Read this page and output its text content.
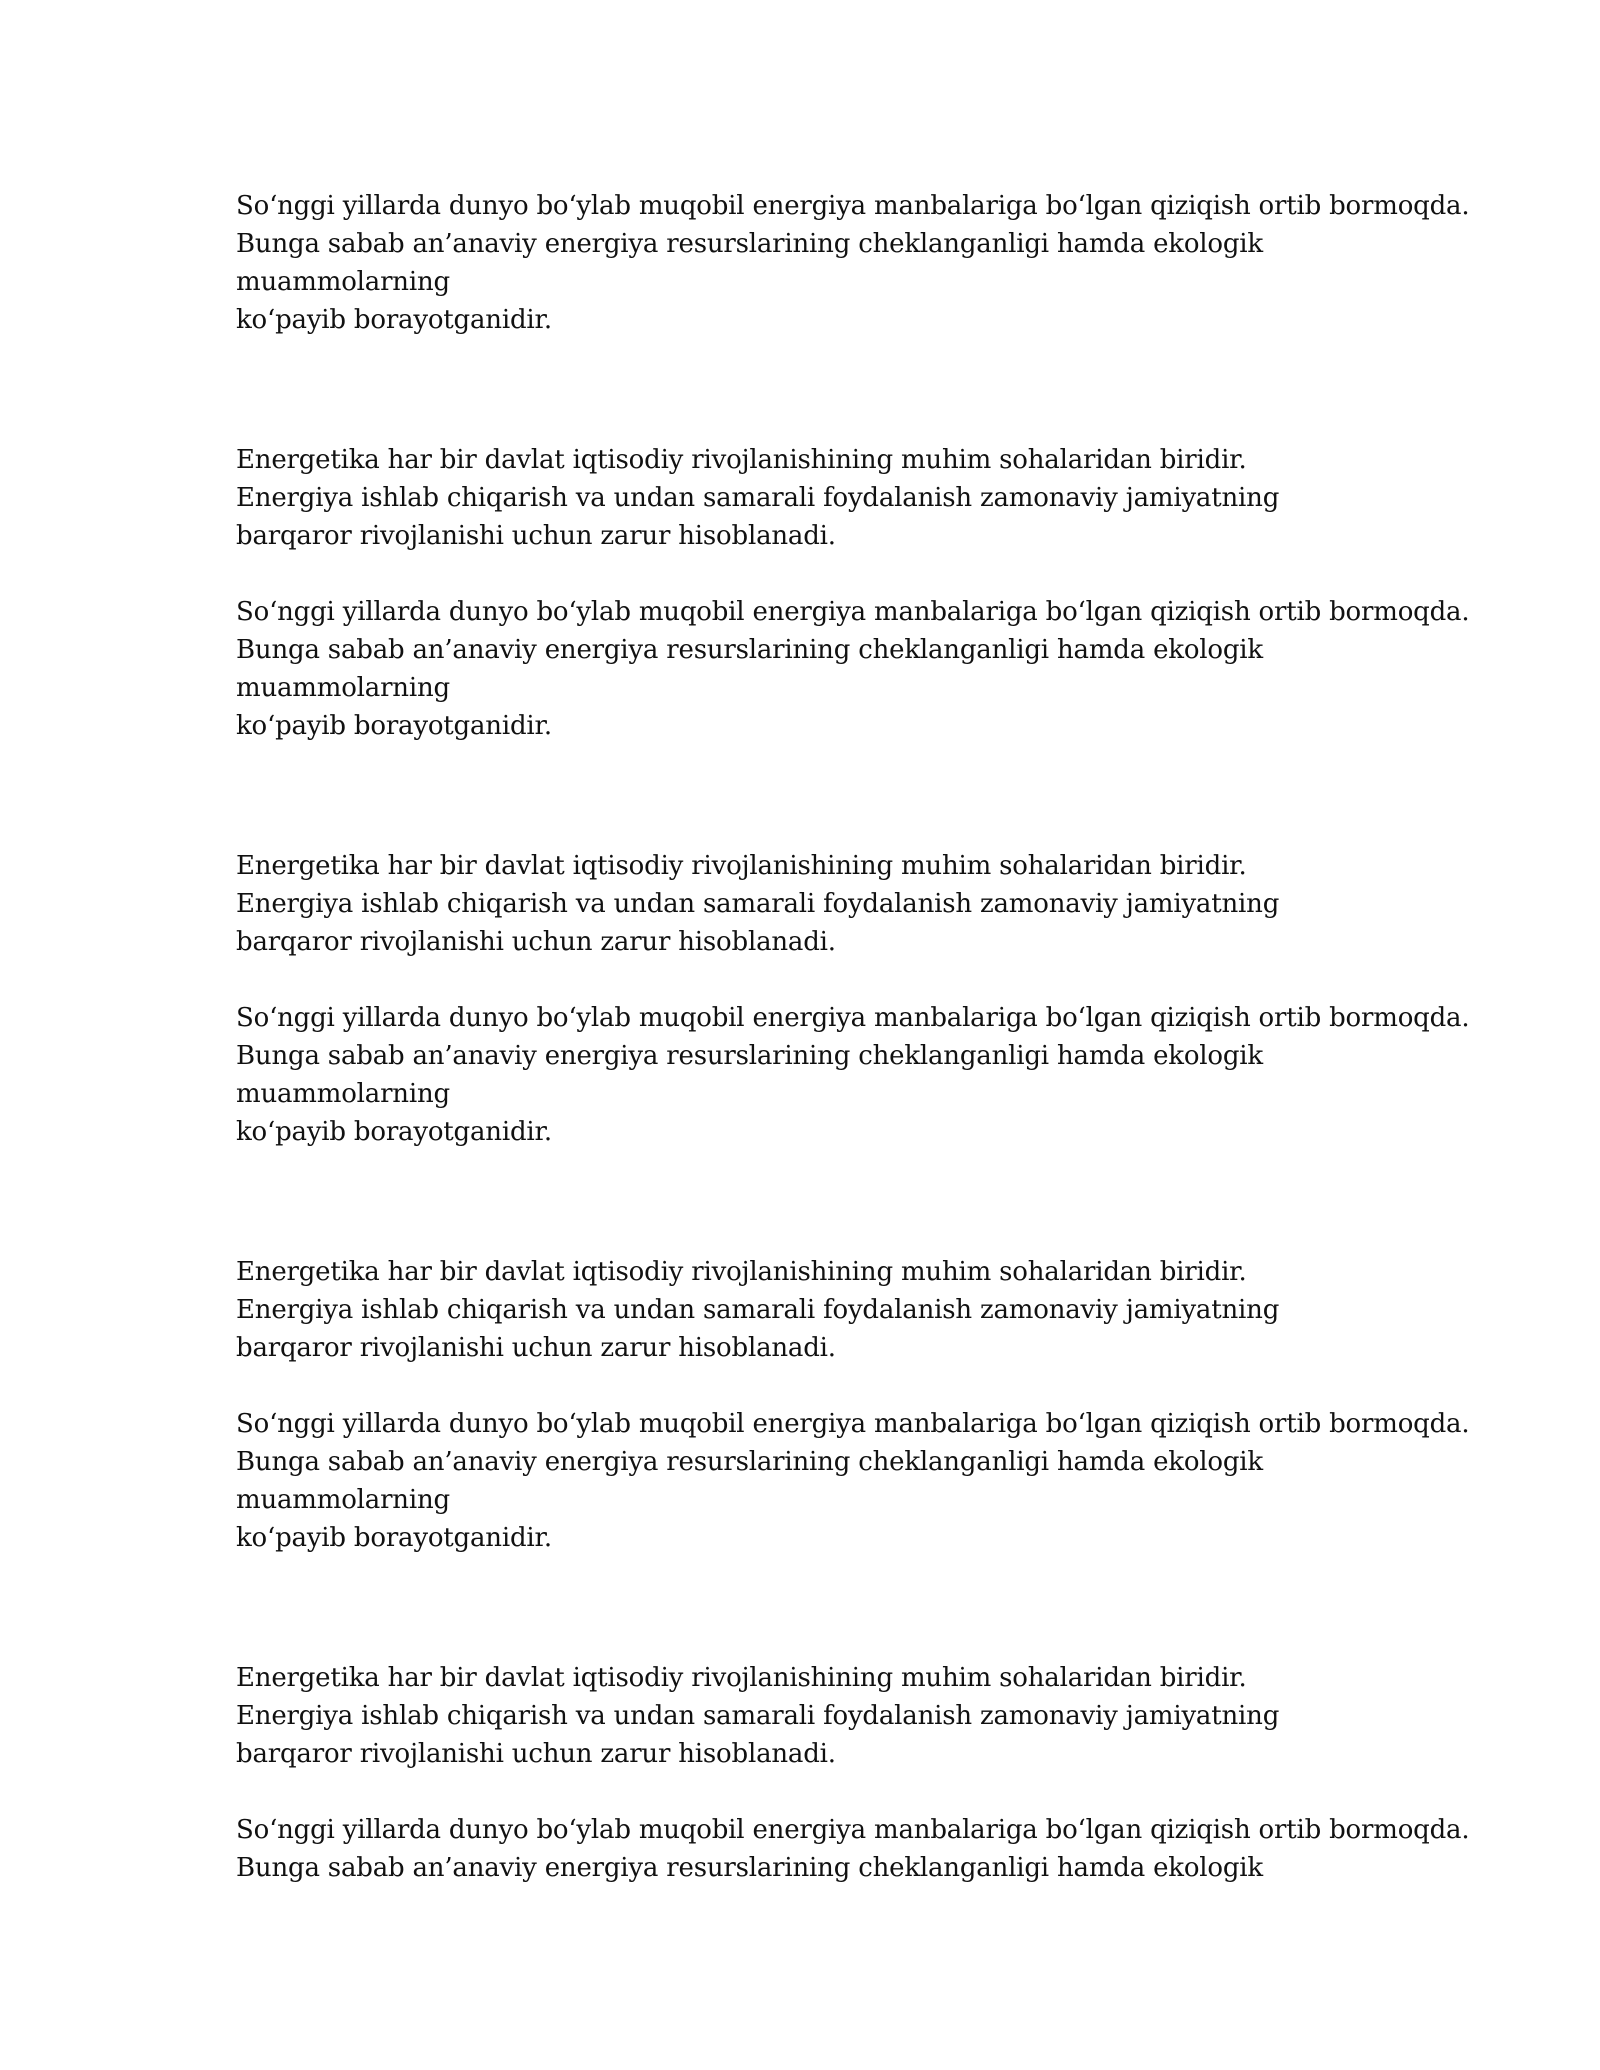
So‘nggi yillarda dunyo bo‘ylab muqobil energiya manbalariga bo‘lgan qiziqish ortib bormoqda.
Bunga sabab an’anaviy energiya resurslarining cheklanganligi hamda ekologik
muammolarning
ko‘payib borayotganidir.
Energetika har bir davlat iqtisodiy rivojlanishining muhim sohalaridan biridir.
Energiya ishlab chiqarish va undan samarali foydalanish zamonaviy jamiyatning
barqaror rivojlanishi uchun zarur hisoblanadi.
So‘nggi yillarda dunyo bo‘ylab muqobil energiya manbalariga bo‘lgan qiziqish ortib bormoqda.
Bunga sabab an’anaviy energiya resurslarining cheklanganligi hamda ekologik
muammolarning
ko‘payib borayotganidir.
Energetika har bir davlat iqtisodiy rivojlanishining muhim sohalaridan biridir.
Energiya ishlab chiqarish va undan samarali foydalanish zamonaviy jamiyatning
barqaror rivojlanishi uchun zarur hisoblanadi.
So‘nggi yillarda dunyo bo‘ylab muqobil energiya manbalariga bo‘lgan qiziqish ortib bormoqda.
Bunga sabab an’anaviy energiya resurslarining cheklanganligi hamda ekologik
muammolarning
ko‘payib borayotganidir.
Energetika har bir davlat iqtisodiy rivojlanishining muhim sohalaridan biridir.
Energiya ishlab chiqarish va undan samarali foydalanish zamonaviy jamiyatning
barqaror rivojlanishi uchun zarur hisoblanadi.
So‘nggi yillarda dunyo bo‘ylab muqobil energiya manbalariga bo‘lgan qiziqish ortib bormoqda.
Bunga sabab an’anaviy energiya resurslarining cheklanganligi hamda ekologik
muammolarning
ko‘payib borayotganidir.
Energetika har bir davlat iqtisodiy rivojlanishining muhim sohalaridan biridir.
Energiya ishlab chiqarish va undan samarali foydalanish zamonaviy jamiyatning
barqaror rivojlanishi uchun zarur hisoblanadi.
So‘nggi yillarda dunyo bo‘ylab muqobil energiya manbalariga bo‘lgan qiziqish ortib bormoqda.
Bunga sabab an’anaviy energiya resurslarining cheklanganligi hamda ekologik
